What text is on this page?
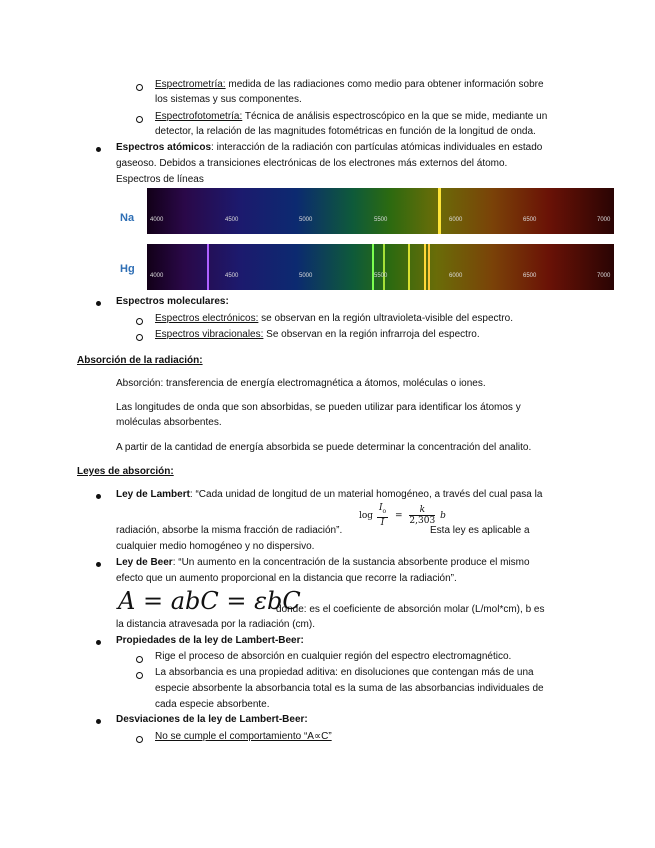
Espectrometría: medida de las radiaciones como medio para obtener información sobre
los sistemas y sus componentes.
Espectrofotometría: Técnica de análisis espectroscópico en la que se mide, mediante un
detector, la relación de las magnitudes fotométricas en función de la longitud de onda.
Espectros atómicos: interacción de la radiación con partículas atómicas individuales en estado
gaseoso. Debidos a transiciones electrónicas de los electrones más externos del átomo.
Espectros de líneas
Na	4000	4500	5000	5500	6000	6500	7000
Hg
4000	4500	5000	5500	6000	6500	7000
Espectros moleculares:
Espectros electrónicos: se observan en la región ultravioleta-visible del espectro.
Espectros vibracionales: Se observan en la región infrarroja del espectro.
Absorción de la radiación:
Absorción: transferencia de energía electromagnética a átomos, moléculas o iones.
Las longitudes de onda que son absorbidas, se pueden utilizar para identificar los átomos y
moléculas absorbentes.
A partir de la cantidad de energía absorbida se puede determinar la concentración del analito.
Leyes de absorción:
Ley de Lambert: “Cada unidad de longitud de un material homogéneo, a través del cual pasa la
radiación, absorbe la misma fracción de radiación”.
$\log \frac{I_o}{I} = \frac{k}{2,303}$ b
Esta ley es aplicable a
cualquier medio homogéneo y no dispersivo.
Ley de Beer: “Un aumento en la concentración de la sustancia absorbente produce el mismo
efecto que un aumento proporcional en la distancia que recorre la radiación”.
A = abC = εbC
donde: es el coeficiente de absorción molar (L/mol*cm), b es
la distancia atravesada por la radiación (cm).
Propiedades de la ley de Lambert-Beer:
Rige el proceso de absorción en cualquier región del espectro electromagnético.
La absorbancia es una propiedad aditiva: en disoluciones que contengan más de una
especie absorbente la absorbancia total es la suma de las absorbancias individuales de
cada especie absorbente.
Desviaciones de la ley de Lambert-Beer:
No se cumple el comportamiento “A∝C”
